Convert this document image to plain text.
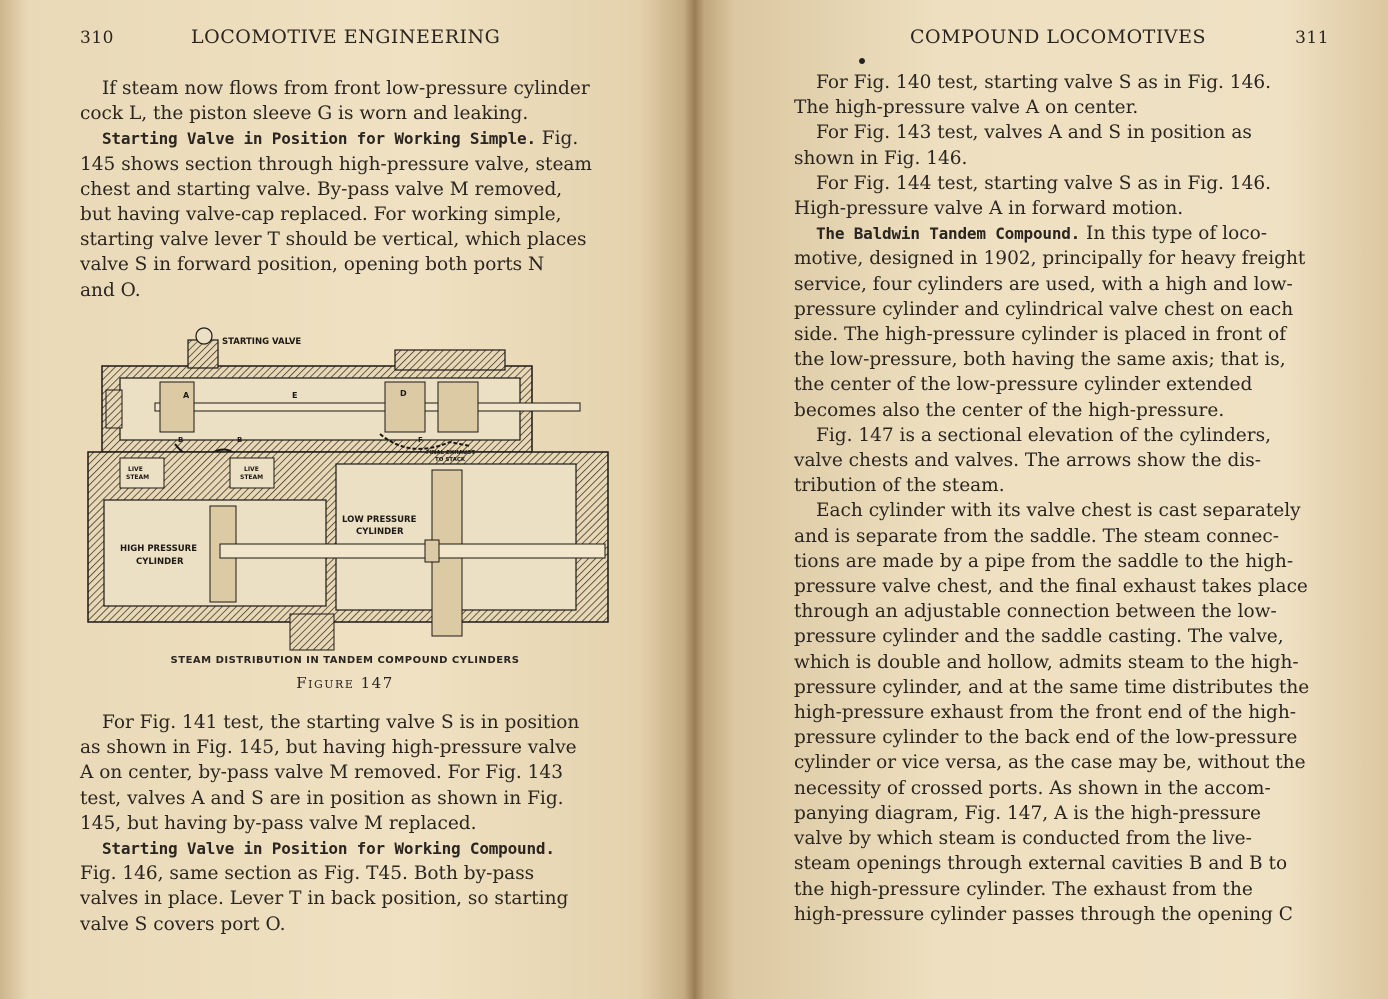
310	LOCOMOTIVE ENGINEERING

If steam now flows from front low-pressure cylinder

cock L, the piston sleeve G is worn and leaking.

Starting Valve in Position for Working Simple. Fig.

145 shows section through high-pressure valve, steam

chest and starting valve. By-pass valve M removed,

but having valve-cap replaced. For working simple,

starting valve lever T should be vertical, which places

valve S in forward position, opening both ports N

and O.

STARTING VALVE
A	E	D
B	B	F
LIVE
STEAM
LIVE
STEAM
FINAL EXHAUST
TO STACK
LOW PRESSURE
CYLINDER
HIGH PRESSURE
CYLINDER
STEAM DISTRIBUTION IN TANDEM COMPOUND CYLINDERS
Figure 147

For Fig. 141 test, the starting valve S is in position

as shown in Fig. 145, but having high-pressure valve

A on center, by-pass valve M removed. For Fig. 143

test, valves A and S are in position as shown in Fig.

145, but having by-pass valve M replaced.

Starting Valve in Position for Working Compound.

Fig. 146, same section as Fig. T45. Both by-pass

valves in place. Lever T in back position, so starting

valve S covers port O.

COMPOUND LOCOMOTIVES	311

For Fig. 140 test, starting valve S as in Fig. 146.

The high-pressure valve A on center.

For Fig. 143 test, valves A and S in position as

shown in Fig. 146.

For Fig. 144 test, starting valve S as in Fig. 146.

High-pressure valve A in forward motion.

The Baldwin Tandem Compound. In this type of loco-

motive, designed in 1902, principally for heavy freight

service, four cylinders are used, with a high and low-

pressure cylinder and cylindrical valve chest on each

side. The high-pressure cylinder is placed in front of

the low-pressure, both having the same axis; that is,

the center of the low-pressure cylinder extended

becomes also the center of the high-pressure.

Fig. 147 is a sectional elevation of the cylinders,

valve chests and valves. The arrows show the dis-

tribution of the steam.

Each cylinder with its valve chest is cast separately

and is separate from the saddle. The steam connec-

tions are made by a pipe from the saddle to the high-

pressure valve chest, and the final exhaust takes place

through an adjustable connection between the low-

pressure cylinder and the saddle casting. The valve,

which is double and hollow, admits steam to the high-

pressure cylinder, and at the same time distributes the

high-pressure exhaust from the front end of the high-

pressure cylinder to the back end of the low-pressure

cylinder or vice versa, as the case may be, without the

necessity of crossed ports. As shown in the accom-

panying diagram, Fig. 147, A is the high-pressure

valve by which steam is conducted from the live-

steam openings through external cavities B and B to

the high-pressure cylinder. The exhaust from the

high-pressure cylinder passes through the opening C
